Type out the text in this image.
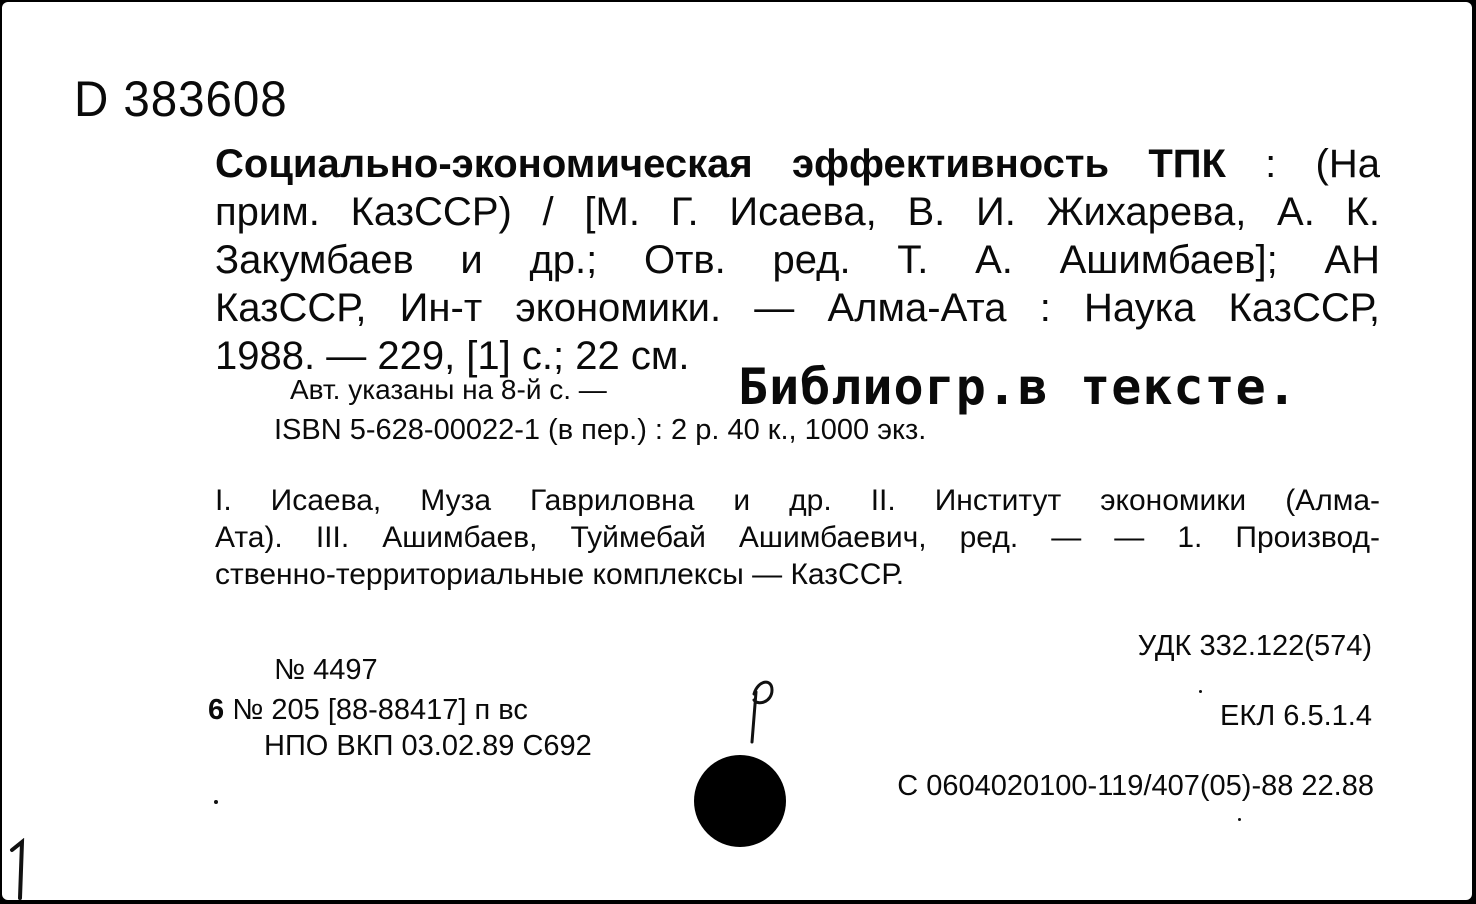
D 383608
Социально-экономическая эффективность ТПК : (На
прим. КазССР) / [М. Г. Исаева, В. И. Жихарева, А. К.
Закумбаев и др.; Отв. ред. Т. А. Ашимбаев]; АН
КазССР, Ин-т экономики. — Алма-Ата : Наука КазССР,
1988. — 229, [1] с.; 22 см.
Авт. указаны на 8-й с. —	Библиогр.в тексте.
ISBN 5-628-00022-1 (в пер.) : 2 р. 40 к., 1000 экз.
I. Исаева, Муза Гавриловна и др. II. Институт экономики (Алма-
Ата). III. Ашимбаев, Туймебай Ашимбаевич, ред. — — 1. Производ-
ственно-территориальные комплексы — КазССР.
УДК 332.122(574)
№ 4497
6 № 205 [88-88417] п вс
НПО ВКП 03.02.89 С692
ЕКЛ 6.5.1.4
С 0604020100-119/407(05)-88 22.88
